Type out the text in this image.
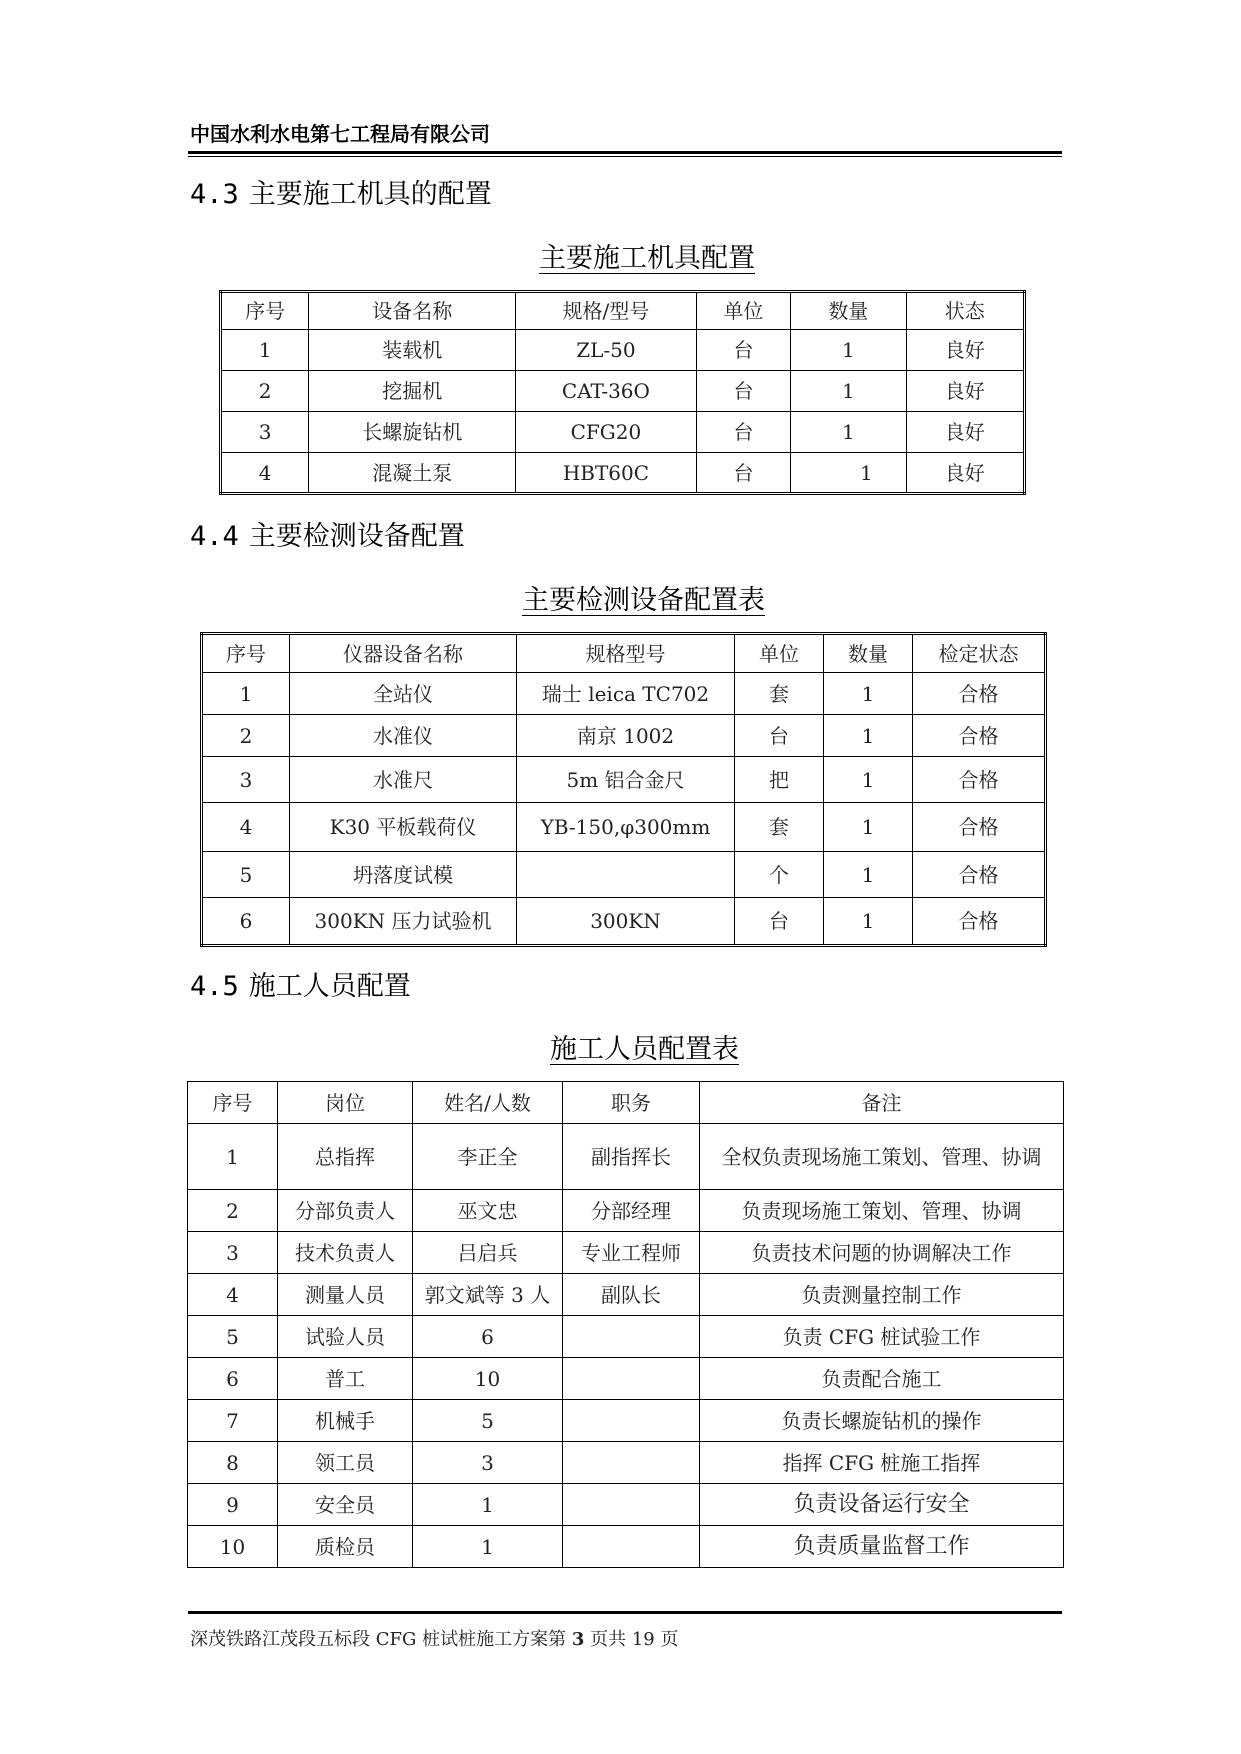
中国水利水电第七工程局有限公司
4.3 主要施工机具的配置
主要施工机具配置
序号	设备名称	规格/型号	单位	数量	状态
1	装载机	ZL-50	台	1	良好
2	挖掘机	CAT-36O	台	1	良好
3	长螺旋钻机	CFG20	台	1	良好
4	混凝土泵	HBT60C	台	1	良好
4.4 主要检测设备配置
主要检测设备配置表
序号	仪器设备名称	规格型号	单位	数量	检定状态
1	全站仪	瑞士 leica TC702	套	1	合格
2	水准仪	南京 1002	台	1	合格
3	水准尺	5m 铝合金尺	把	1	合格
4	K30 平板载荷仪	YB-150,φ300mm	套	1	合格
5	坍落度试模		个	1	合格
6	300KN 压力试验机	300KN	台	1	合格
4.5 施工人员配置
施工人员配置表
序号	岗位	姓名/人数	职务	备注
1	总指挥	李正全	副指挥长	全权负责现场施工策划、管理、协调
2	分部负责人	巫文忠	分部经理	负责现场施工策划、管理、协调
3	技术负责人	吕启兵	专业工程师	负责技术问题的协调解决工作
4	测量人员	郭文斌等 3 人	副队长	负责测量控制工作
5	试验人员	6		负责 CFG 桩试验工作
6	普工	10		负责配合施工
7	机械手	5		负责长螺旋钻机的操作
8	领工员	3		指挥 CFG 桩施工指挥
9	安全员	1		负责设备运行安全
10	质检员	1		负责质量监督工作
深茂铁路江茂段五标段 CFG 桩试桩施工方案第 3 页共 19 页
